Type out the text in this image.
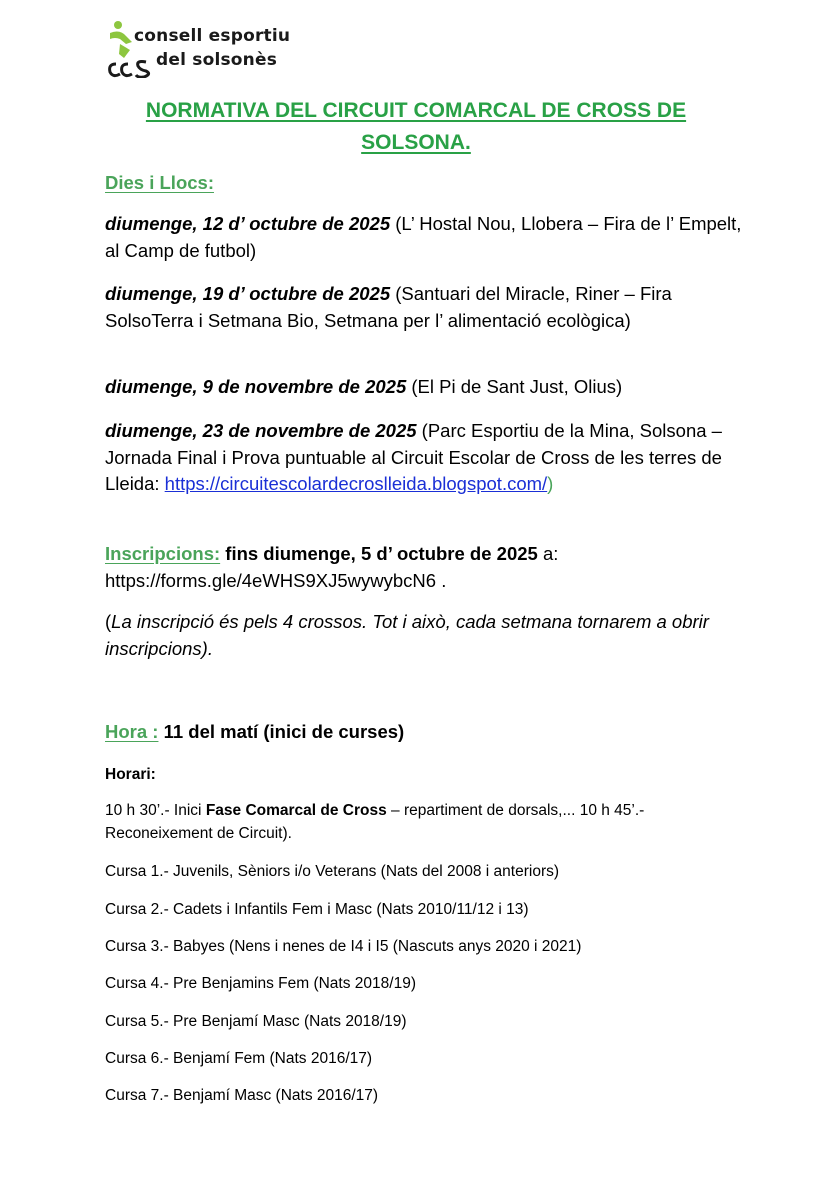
consell esportiu
del solsonès
NORMATIVA DEL CIRCUIT COMARCAL DE CROSS DE
SOLSONA.
Dies i Llocs:
diumenge, 12 d’ octubre de 2025 (L’ Hostal Nou, Llobera – Fira de l’ Empelt, al Camp de futbol)
diumenge, 19 d’ octubre de 2025 (Santuari del Miracle, Riner – Fira SolsoTerra i Setmana Bio, Setmana per l’ alimentació ecològica)
diumenge, 9 de novembre de 2025 (El Pi de Sant Just, Olius)
diumenge, 23 de novembre de 2025 (Parc Esportiu de la Mina, Solsona – Jornada Final i Prova puntuable al Circuit Escolar de Cross de les terres de Lleida: https://circuitescolardecroslleida.blogspot.com/)
Inscripcions: fins diumenge, 5 d’ octubre de 2025 a:
https://forms.gle/4eWHS9XJ5wywybcN6 .
(La inscripció és pels 4 crossos. Tot i això, cada setmana tornarem a obrir inscripcions).
Hora : 11 del matí (inici de curses)
Horari:
10 h 30’.- Inici Fase Comarcal de Cross – repartiment de dorsals,... 10 h 45’.- Reconeixement de Circuit).
Cursa 1.- Juvenils, Sèniors i/o Veterans (Nats del 2008 i anteriors)
Cursa 2.- Cadets i Infantils Fem i Masc (Nats 2010/11/12 i 13)
Cursa 3.- Babyes (Nens i nenes de I4 i I5 (Nascuts anys 2020 i 2021)
Cursa 4.- Pre Benjamins Fem (Nats 2018/19)
Cursa 5.- Pre Benjamí Masc (Nats 2018/19)
Cursa 6.- Benjamí Fem (Nats 2016/17)
Cursa 7.- Benjamí Masc (Nats 2016/17)
